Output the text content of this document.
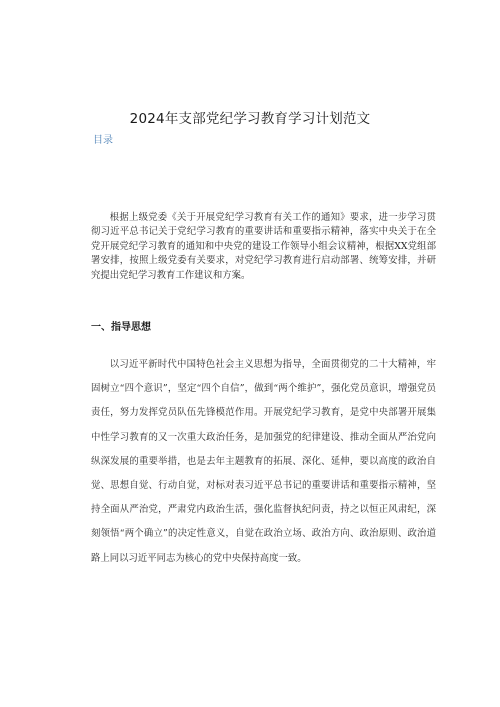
2024年支部党纪学习教育学习计划范文
目录
根据上级党委《关于开展党纪学习教育有关工作的通知》要求，进一步学习贯彻习近平总书记关于党纪学习教育的重要讲话和重要指示精神，落实中央关于在全党开展党纪学习教育的通知和中央党的建设工作领导小组会议精神，根据XX党组部署安排，按照上级党委有关要求，对党纪学习教育进行启动部署、统筹安排，并研究提出党纪学习教育工作建议和方案。
一、指导思想
以习近平新时代中国特色社会主义思想为指导，全面贯彻党的二十大精神，牢固树立“四个意识”，坚定“四个自信”，做到“两个维护”，强化党员意识，增强党员责任，努力发挥党员队伍先锋模范作用。开展党纪学习教育，是党中央部署开展集中性学习教育的又一次重大政治任务，是加强党的纪律建设、推动全面从严治党向纵深发展的重要举措，也是去年主题教育的拓展、深化、延伸，要以高度的政治自觉、思想自觉、行动自觉，对标对表习近平总书记的重要讲话和重要指示精神，坚持全面从严治党，严肃党内政治生活，强化监督执纪问责，持之以恒正风肃纪，深刻领悟“两个确立”的决定性意义，自觉在政治立场、政治方向、政治原则、政治道路上同以习近平同志为核心的党中央保持高度一致。
